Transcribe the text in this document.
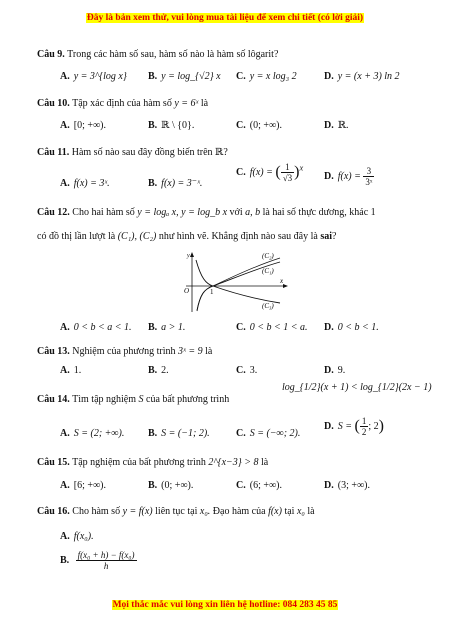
Đây là bản xem thử, vui lòng mua tài liệu để xem chi tiết (có lời giải)
Câu 9. Trong các hàm số sau, hàm số nào là hàm số lôgarit?
A. y = 3^{log x} B. y = log_{√2} x C. y = x log₃ 2	D. y = (x + 3) ln 2
Câu 10. Tập xác định của hàm số y = 6ˣ là
A. [0; +∞).	B. ℝ \ {0}.	C. (0; +∞).	D. ℝ.
Câu 11. Hàm số nào sau đây đồng biến trên ℝ?
A. f(x) = 3ˣ.	B. f(x) = 3⁻ˣ.
C. f(x) = ( $\frac{1}{√3} )^x$
D. $f(x) = \frac{3}{\text{3ˣ}}$
Câu 12. Cho hai hàm số y = logₐ x, y = log_b x với a, b là hai số thực dương, khác 1
có đồ thị lần lượt là (C₁), (C₂) như hình vẽ. Khẳng định nào sau đây là sai?
y
x
O	1
(C₂)
(C₁)
(C₃)
A. 0 < b < a < 1. B. a > 1.	C. 0 < b < 1 < a. D. 0 < b < 1.
Câu 13. Nghiệm của phương trình 3ˣ = 9 là
A. 1.	B. 2.	C. 3.	D. 9.
Câu 14. Tìm tập nghiệm S của bất phương trình
log_{1/2}(x + 1) < log_{1/2}(2x − 1)
A. S = (2; +∞). B. S = (−1; 2).	C. S = (−∞; 2).
D. S = ( $\frac{1}{2}$ ; 2)
Câu 15. Tập nghiệm của bất phương trình 2^{x−3} > 8 là
A. [6; +∞).	B. (0; +∞).	C. (6; +∞).	D. (3; +∞).
Câu 16. Cho hàm số y = f(x) liên tục tại x₀. Đạo hàm của f(x) tại x₀ là
A. f(x₀).
B. $\frac{\text{f(x₀ + h) − f(x₀)}}{h}$
Mọi thắc mắc vui lòng xin liên hệ hotline: 084 283 45 85
